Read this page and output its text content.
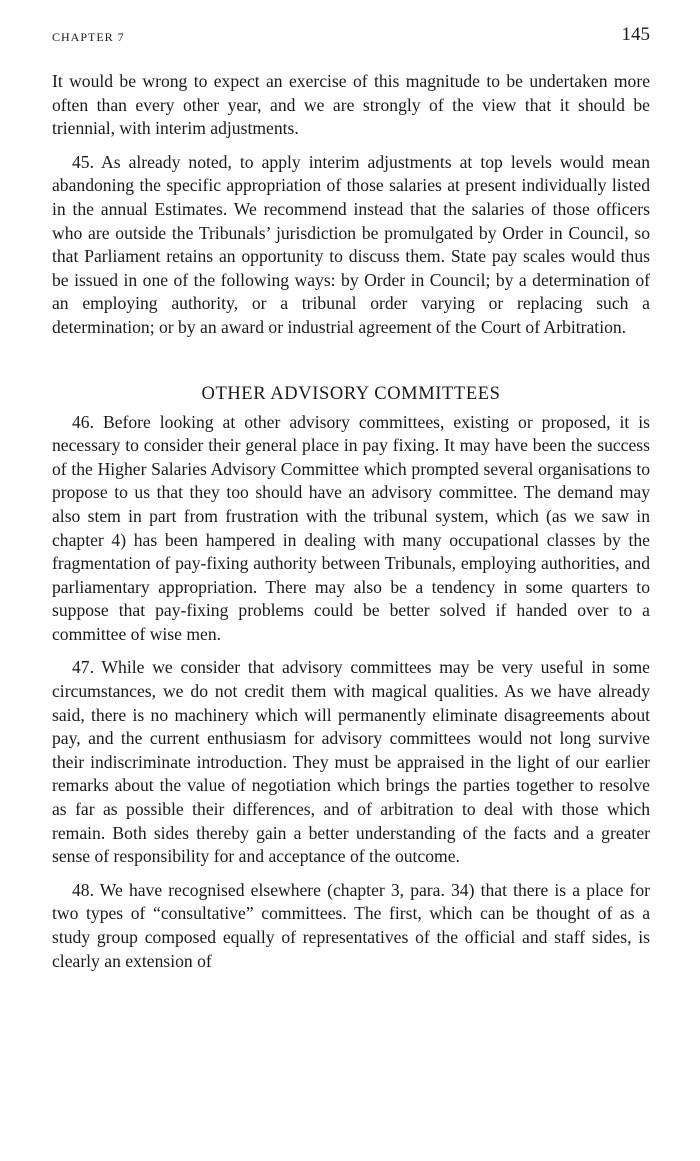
CHAPTER 7	145

It would be wrong to expect an exercise of this magnitude to be undertaken more often than every other year, and we are strongly of the view that it should be triennial, with interim adjustments.

45. As already noted, to apply interim adjustments at top levels would mean abandoning the specific appropriation of those salaries at present individually listed in the annual Estimates. We recommend instead that the salaries of those officers who are outside the Tribunals’ jurisdiction be promulgated by Order in Council, so that Parliament retains an opportunity to discuss them. State pay scales would thus be issued in one of the following ways: by Order in Council; by a determination of an employing authority, or a tribunal order varying or replacing such a determination; or by an award or industrial agreement of the Court of Arbitration.

OTHER ADVISORY COMMITTEES

46. Before looking at other advisory committees, existing or proposed, it is necessary to consider their general place in pay fixing. It may have been the success of the Higher Salaries Advisory Committee which prompted several organisations to propose to us that they too should have an advisory committee. The demand may also stem in part from frustration with the tribunal system, which (as we saw in chapter 4) has been hampered in dealing with many occupational classes by the fragmentation of pay-fixing authority between Tribunals, employing authorities, and parliamentary appropriation. There may also be a tendency in some quarters to suppose that pay-fixing problems could be better solved if handed over to a committee of wise men.

47. While we consider that advisory committees may be very useful in some circumstances, we do not credit them with magical qualities. As we have already said, there is no machinery which will permanently eliminate disagreements about pay, and the current enthusiasm for advisory committees would not long survive their indiscriminate introduction. They must be appraised in the light of our earlier remarks about the value of negotiation which brings the parties together to resolve as far as possible their differences, and of arbitration to deal with those which remain. Both sides thereby gain a better understanding of the facts and a greater sense of responsibility for and acceptance of the outcome.

48. We have recognised elsewhere (chapter 3, para. 34) that there is a place for two types of “consultative” committees. The first, which can be thought of as a study group composed equally of representatives of the official and staff sides, is clearly an extension of
